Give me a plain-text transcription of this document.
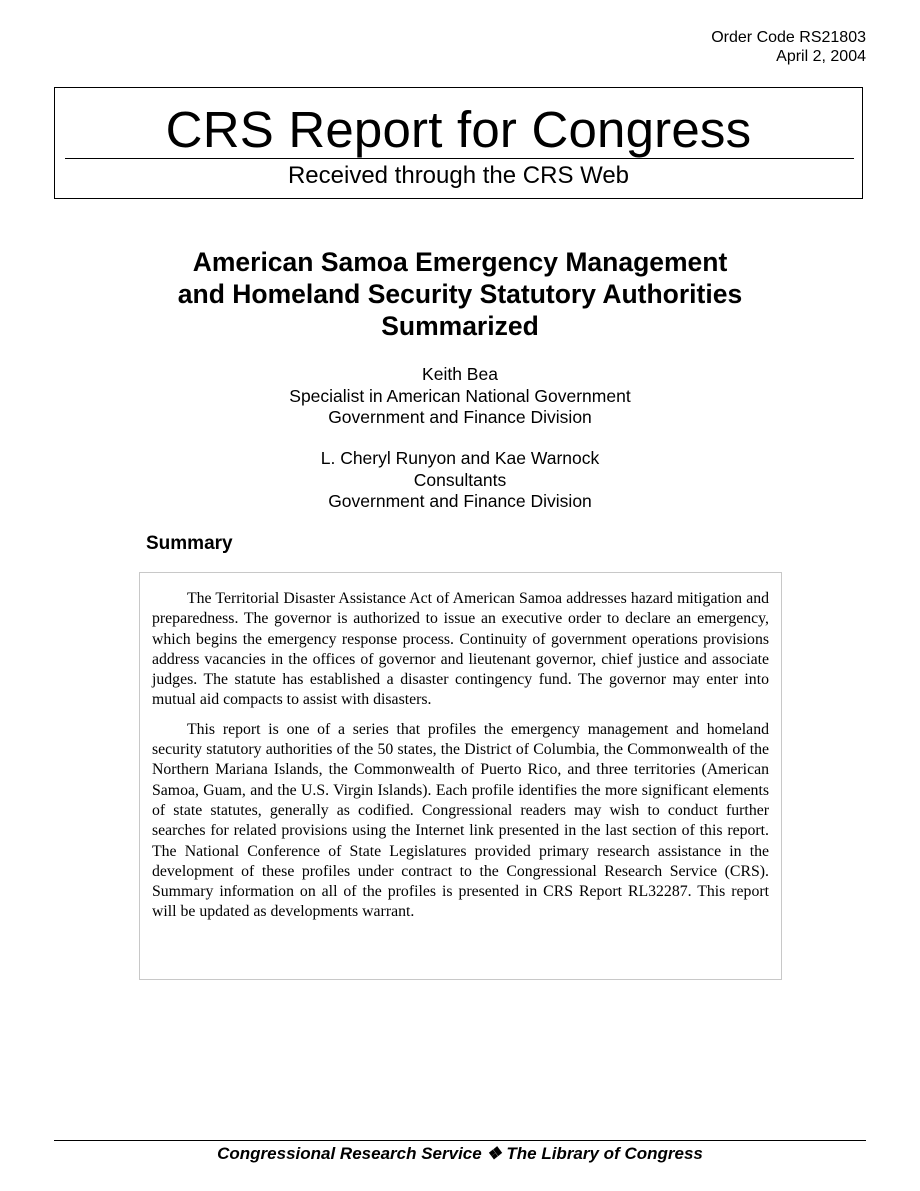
Order Code RS21803
April 2, 2004
CRS Report for Congress
Received through the CRS Web
American Samoa Emergency Management
and Homeland Security Statutory Authorities
Summarized
Keith Bea
Specialist in American National Government
Government and Finance Division
L. Cheryl Runyon and Kae Warnock
Consultants
Government and Finance Division
Summary

The Territorial Disaster Assistance Act of American Samoa addresses hazard mitigation and preparedness. The governor is authorized to issue an executive order to declare an emergency, which begins the emergency response process. Continuity of government operations provisions address vacancies in the offices of governor and lieutenant governor, chief justice and associate judges. The statute has established a disaster contingency fund. The governor may enter into mutual aid compacts to assist with disasters.

This report is one of a series that profiles the emergency management and homeland security statutory authorities of the 50 states, the District of Columbia, the Commonwealth of the Northern Mariana Islands, the Commonwealth of Puerto Rico, and three territories (American Samoa, Guam, and the U.S. Virgin Islands). Each profile identifies the more significant elements of state statutes, generally as codified. Congressional readers may wish to conduct further searches for related provisions using the Internet link presented in the last section of this report. The National Conference of State Legislatures provided primary research assistance in the development of these profiles under contract to the Congressional Research Service (CRS). Summary information on all of the profiles is presented in CRS Report RL32287. This report will be updated as developments warrant.

Congressional Research Service ❖ The Library of Congress
